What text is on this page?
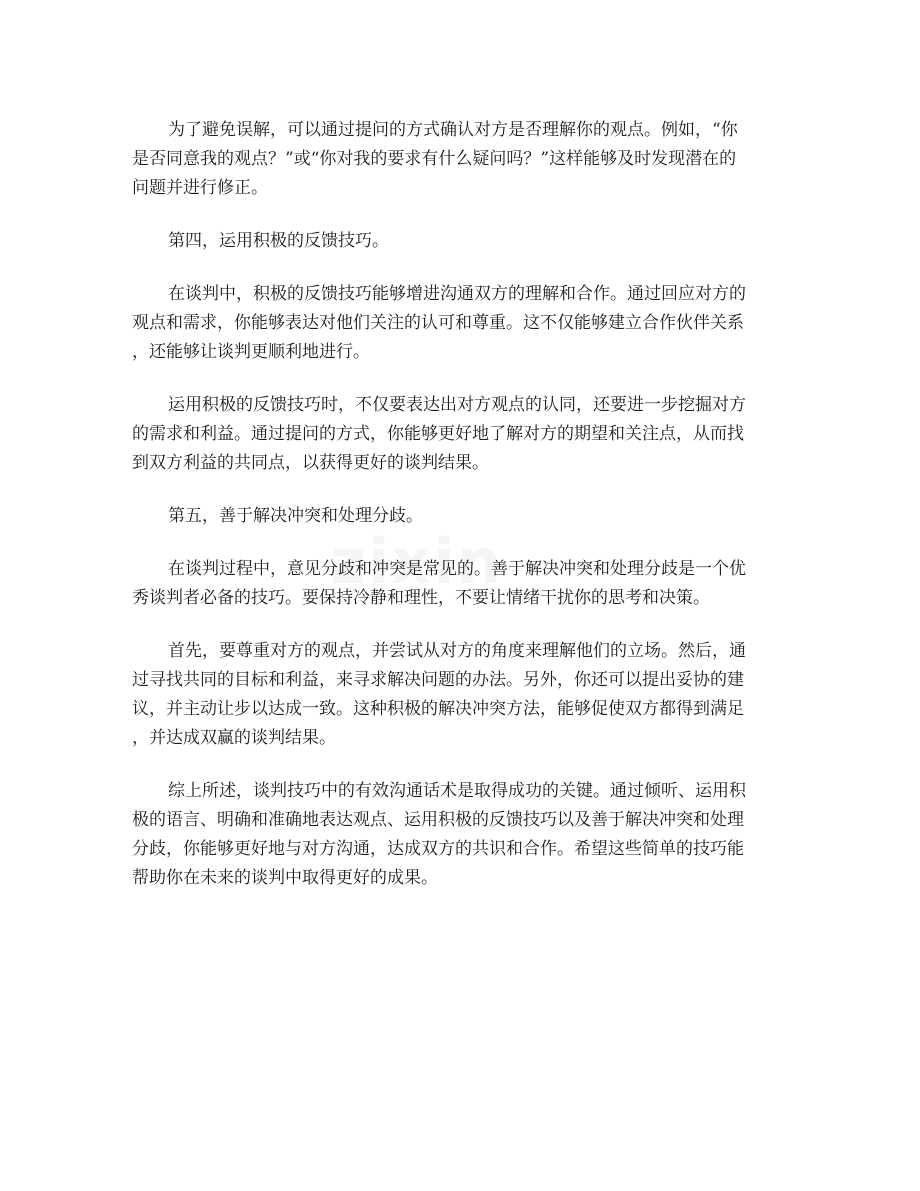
zixin

为了避免误解，可以通过提问的方式确认对方是否理解你的观点。例如，“你
是否同意我的观点？”或“你对我的要求有什么疑问吗？”这样能够及时发现潜在的
问题并进行修正。

第四，运用积极的反馈技巧。

在谈判中，积极的反馈技巧能够增进沟通双方的理解和合作。通过回应对方的
观点和需求，你能够表达对他们关注的认可和尊重。这不仅能够建立合作伙伴关系
，还能够让谈判更顺利地进行。

运用积极的反馈技巧时，不仅要表达出对方观点的认同，还要进一步挖掘对方
的需求和利益。通过提问的方式，你能够更好地了解对方的期望和关注点，从而找
到双方利益的共同点，以获得更好的谈判结果。

第五，善于解决冲突和处理分歧。

在谈判过程中，意见分歧和冲突是常见的。善于解决冲突和处理分歧是一个优
秀谈判者必备的技巧。要保持冷静和理性，不要让情绪干扰你的思考和决策。

首先，要尊重对方的观点，并尝试从对方的角度来理解他们的立场。然后，通
过寻找共同的目标和利益，来寻求解决问题的办法。另外，你还可以提出妥协的建
议，并主动让步以达成一致。这种积极的解决冲突方法，能够促使双方都得到满足
，并达成双赢的谈判结果。

综上所述，谈判技巧中的有效沟通话术是取得成功的关键。通过倾听、运用积
极的语言、明确和准确地表达观点、运用积极的反馈技巧以及善于解决冲突和处理
分歧，你能够更好地与对方沟通，达成双方的共识和合作。希望这些简单的技巧能
帮助你在未来的谈判中取得更好的成果。
